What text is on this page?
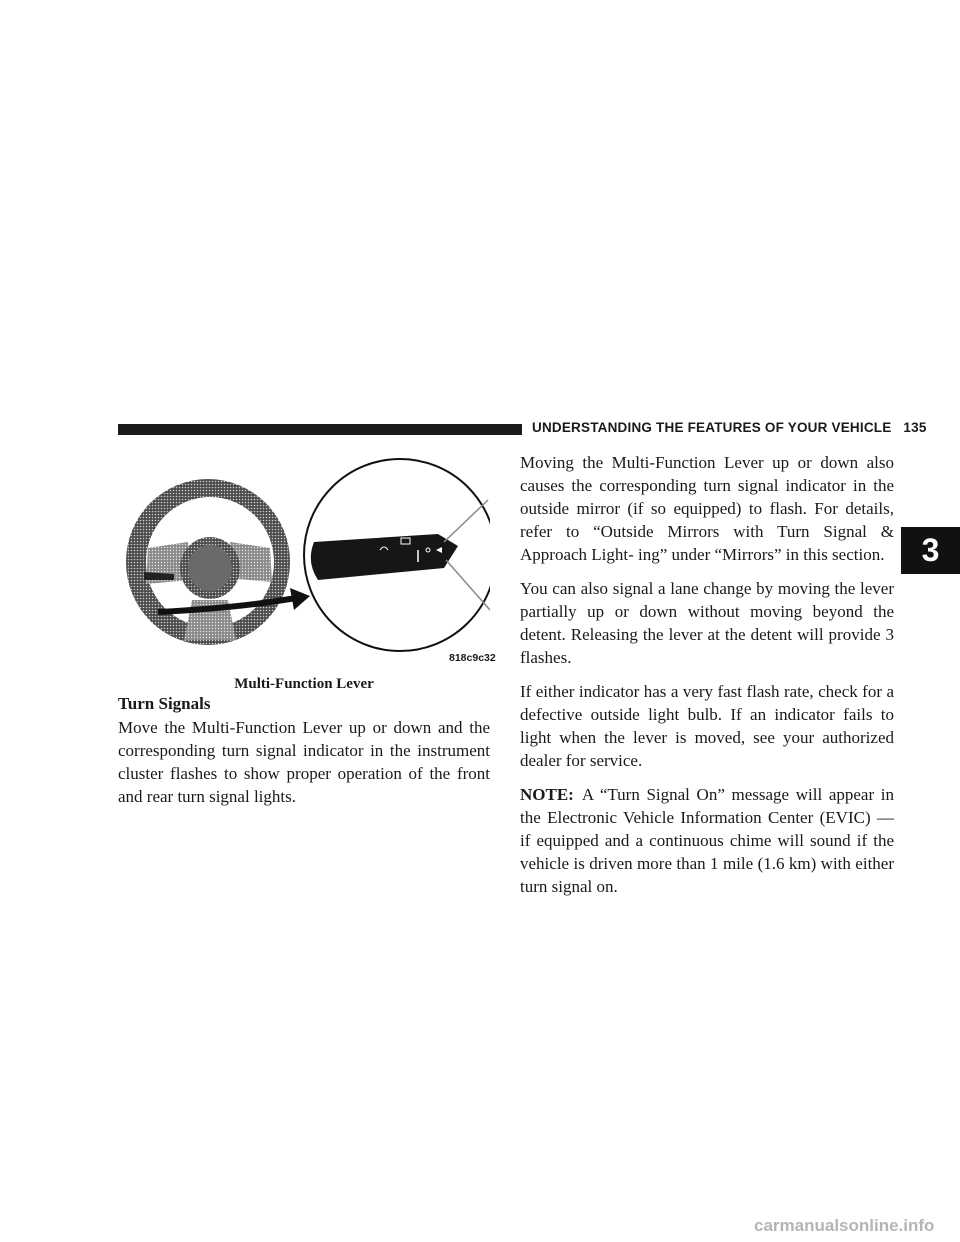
UNDERSTANDING THE FEATURES OF YOUR VEHICLE 135
3
818c9c32
Multi-Function Lever
Turn Signals

Move the Multi-Function Lever up or down and the corresponding turn signal indicator in the instrument cluster flashes to show proper operation of the front and rear turn signal lights.

Moving the Multi-Function Lever up or down also causes the corresponding turn signal indicator in the outside mirror (if so equipped) to flash. For details, refer to “Outside Mirrors with Turn Signal & Approach Light- ing” under “Mirrors” in this section.

You can also signal a lane change by moving the lever partially up or down without moving beyond the detent. Releasing the lever at the detent will provide 3 flashes.

If either indicator has a very fast flash rate, check for a defective outside light bulb. If an indicator fails to light when the lever is moved, see your authorized dealer for service.

NOTE: A “Turn Signal On” message will appear in the Electronic Vehicle Information Center (EVIC) — if equipped and a continuous chime will sound if the vehicle is driven more than 1 mile (1.6 km) with either turn signal on.

carmanualsonline.info
